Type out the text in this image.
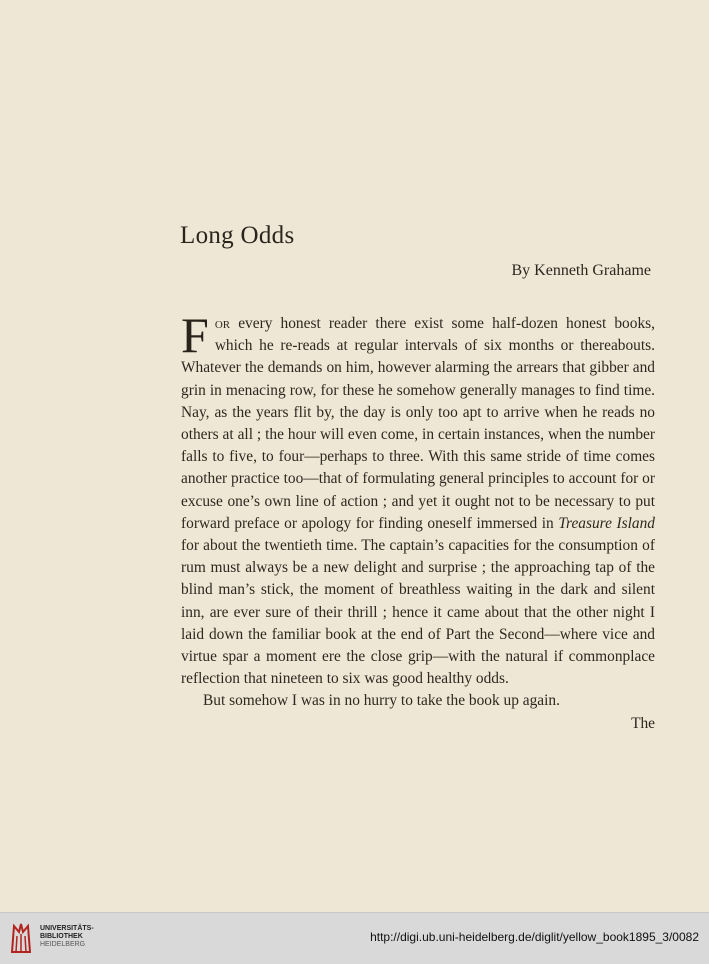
Long Odds
By Kenneth Grahame

For every honest reader there exist some half-dozen honest books, which he re-reads at regular intervals of six months or thereabouts. Whatever the demands on him, however alarming the arrears that gibber and grin in menacing row, for these he somehow generally manages to find time. Nay, as the years flit by, the day is only too apt to arrive when he reads no others at all ; the hour will even come, in certain instances, when the number falls to five, to four—perhaps to three. With this same stride of time comes another practice too—that of formulating general principles to account for or excuse one’s own line of action ; and yet it ought not to be necessary to put forward preface or apology for finding oneself immersed in Treasure Island for about the twentieth time. The captain’s capacities for the consumption of rum must always be a new delight and surprise ; the approaching tap of the blind man’s stick, the moment of breathless waiting in the dark and silent inn, are ever sure of their thrill ; hence it came about that the other night I laid down the familiar book at the end of Part the Second—where vice and virtue spar a moment ere the close grip—with the natural if commonplace reflection that nineteen to six was good healthy odds.

But somehow I was in no hurry to take the book up again.

The

UNIVERSITÄTS-
BIBLIOTHEK
HEIDELBERG
http://digi.ub.uni-heidelberg.de/diglit/yellow_book1895_3/0082
